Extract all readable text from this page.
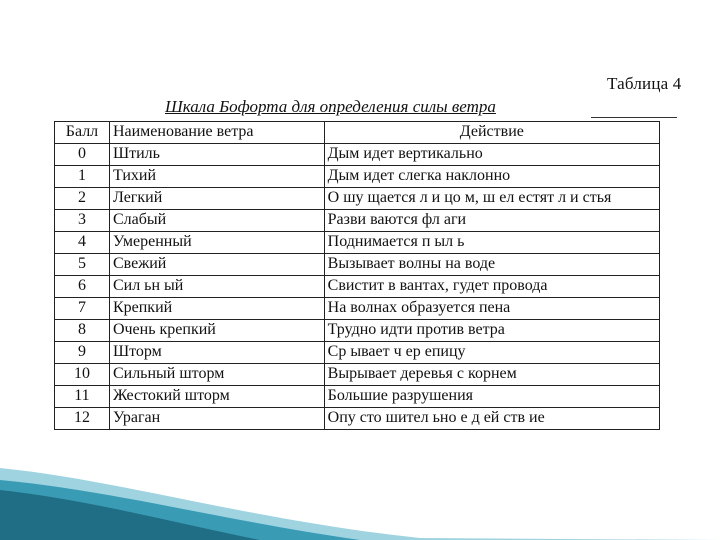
Таблица 4
Шкала Бофорта для определения силы ветра
Балл	Наименование ветра	Действие
0	Штиль	Дым идет вертикально
1	Тихий	Дым идет слегка наклонно
2	Легкий	О шу щается л и цо м, ш ел естят л и стья
3	Слабый	Разви ваются фл аги
4	Умеренный	Поднимается п ыл ь
5	Свежий	Вызывает волны на воде
6	Сил ьн ый	Свистит в вантах, гудет провода
7	Крепкий	На волнах образуется пена
8	Очень крепкий	Трудно идти против ветра
9	Шторм	Ср ывает ч ер епицу
10	Сильный шторм	Вырывает деревья с корнем
11	Жестокий шторм	Большие разрушения
12	Ураган	Опу сто шител ьно е д ей ств ие
